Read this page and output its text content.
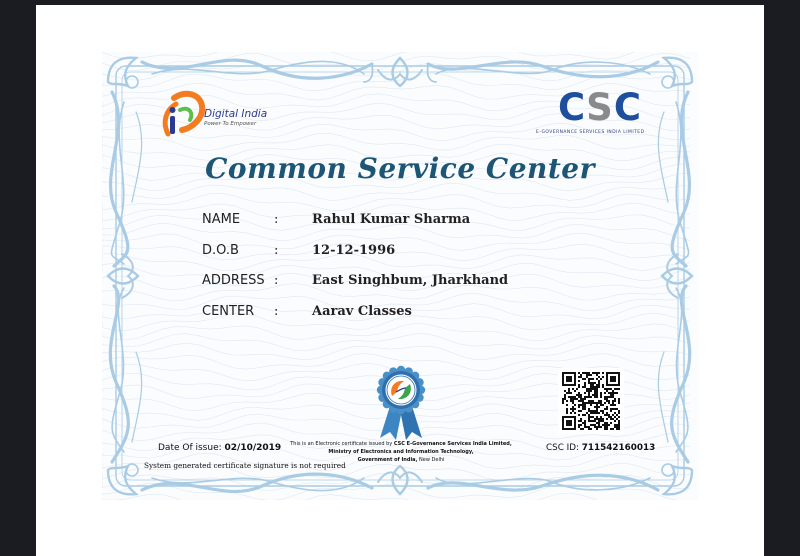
Digital India
Power To Empower	CSC
E-GOVERNANCE SERVICES INDIA LIMITED
Common Service Center
NAME	:	Rahul Kumar Sharma
D.O.B	:	12-12-1996
ADDRESS :	East Singhbum, Jharkhand
CENTER :	Aarav Classes
Date Of issue: 02/10/2019
System generated certificate signature is not required
This is an Electronic certificate issued by CSC E-Governance Services India Limited,
Ministry of Electronics and Information Technology,
Government of India, New Delhi
CSC ID: 711542160013
